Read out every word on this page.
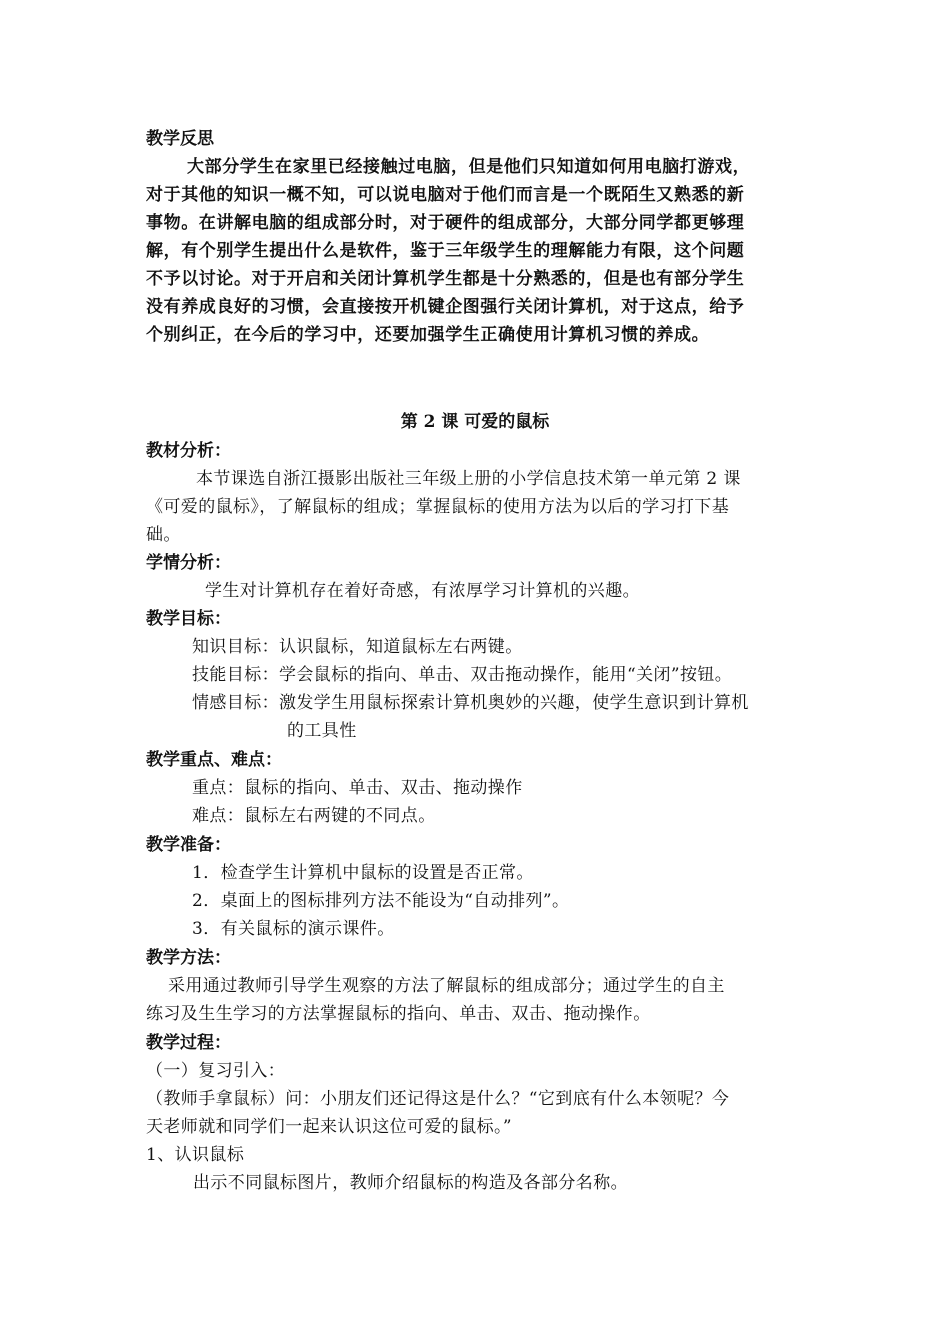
教学反思
大部分学生在家里已经接触过电脑，但是他们只知道如何用电脑打游戏，
对于其他的知识一概不知，可以说电脑对于他们而言是一个既陌生又熟悉的新
事物。在讲解电脑的组成部分时，对于硬件的组成部分，大部分同学都更够理
解，有个别学生提出什么是软件，鉴于三年级学生的理解能力有限，这个问题
不予以讨论。对于开启和关闭计算机学生都是十分熟悉的，但是也有部分学生
没有养成良好的习惯，会直接按开机键企图强行关闭计算机，对于这点，给予
个别纠正，在今后的学习中，还要加强学生正确使用计算机习惯的养成。
第 2 课 可爱的鼠标
教材分析：
本节课选自浙江摄影出版社三年级上册的小学信息技术第一单元第 2 课
《可爱的鼠标》，了解鼠标的组成；掌握鼠标的使用方法为以后的学习打下基
础。
学情分析：
学生对计算机存在着好奇感，有浓厚学习计算机的兴趣。
教学目标：
知识目标：认识鼠标，知道鼠标左右两键。
技能目标：学会鼠标的指向、单击、双击拖动操作，能用“关闭”按钮。
情感目标：激发学生用鼠标探索计算机奥妙的兴趣，使学生意识到计算机
的工具性
教学重点、难点：
重点：鼠标的指向、单击、双击、拖动操作
难点：鼠标左右两键的不同点。
教学准备：
1．检查学生计算机中鼠标的设置是否正常。
2．桌面上的图标排列方法不能设为“自动排列”。
3．有关鼠标的演示课件。
教学方法：
采用通过教师引导学生观察的方法了解鼠标的组成部分；通过学生的自主
练习及生生学习的方法掌握鼠标的指向、单击、双击、拖动操作。
教学过程：
（一）复习引入：
（教师手拿鼠标）问：小朋友们还记得这是什么？“它到底有什么本领呢？今
天老师就和同学们一起来认识这位可爱的鼠标。”
1、认识鼠标
出示不同鼠标图片，教师介绍鼠标的构造及各部分名称。
